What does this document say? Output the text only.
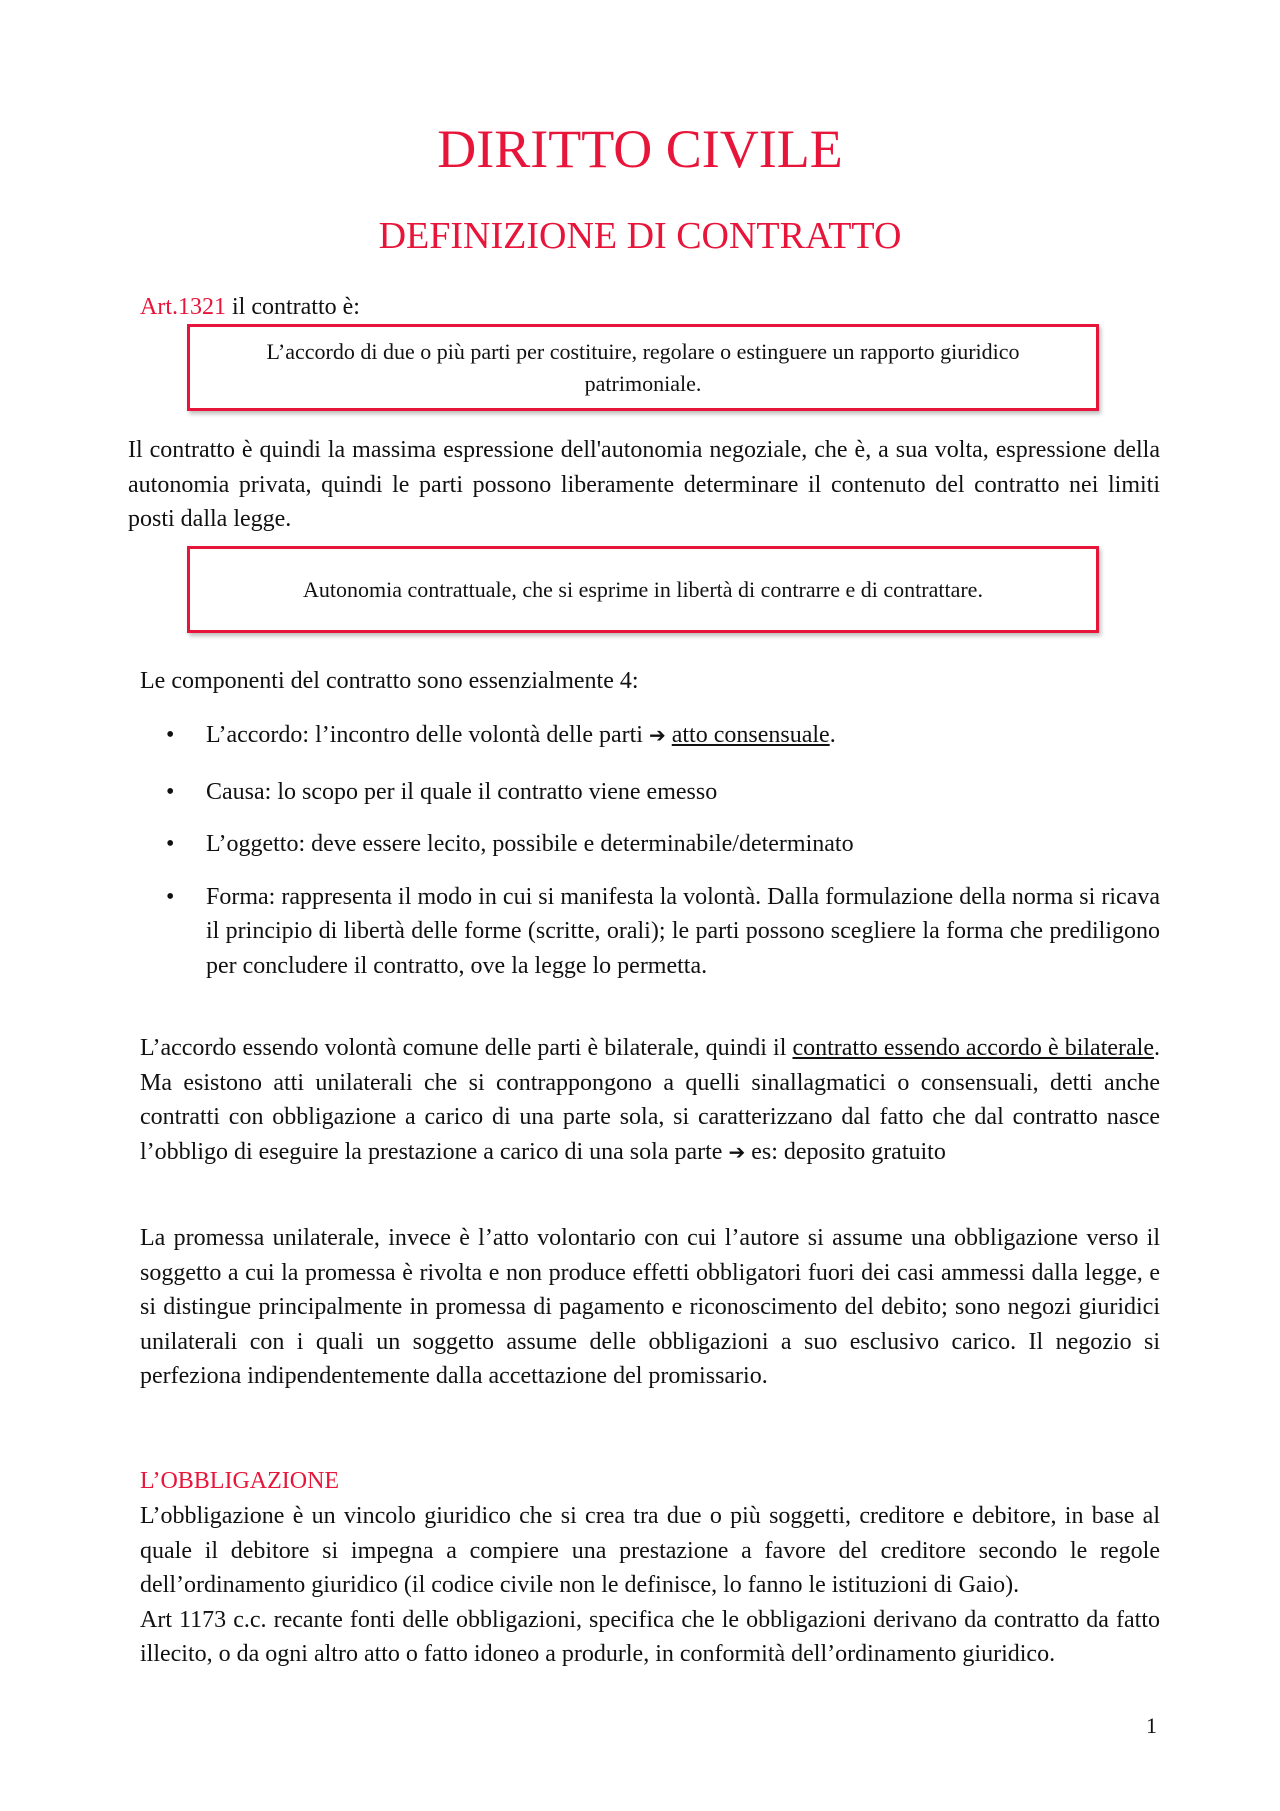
DIRITTO CIVILE
DEFINIZIONE DI CONTRATTO
Art.1321 il contratto è:
L’accordo di due o più parti per costituire, regolare o estinguere un rapporto giuridico patrimoniale.
Il contratto è quindi la massima espressione dell'autonomia negoziale, che è, a sua volta, espressione della autonomia privata, quindi le parti possono liberamente determinare il contenuto del contratto nei limiti posti dalla legge.
Autonomia contrattuale, che si esprime in libertà di contrarre e di contrattare.
Le componenti del contratto sono essenzialmente 4:
• L’accordo: l’incontro delle volontà delle parti ➔ atto consensuale.
• Causa: lo scopo per il quale il contratto viene emesso
• L’oggetto: deve essere lecito, possibile e determinabile/determinato
• Forma: rappresenta il modo in cui si manifesta la volontà. Dalla formulazione della norma si ricava il principio di libertà delle forme (scritte, orali); le parti possono scegliere la forma che prediligono per concludere il contratto, ove la legge lo permetta.
L’accordo essendo volontà comune delle parti è bilaterale, quindi il contratto essendo accordo è bilaterale. Ma esistono atti unilaterali che si contrappongono a quelli sinallagmatici o consensuali, detti anche contratti con obbligazione a carico di una parte sola, si caratterizzano dal fatto che dal contratto nasce l’obbligo di eseguire la prestazione a carico di una sola parte ➔ es: deposito gratuito
La promessa unilaterale, invece è l’atto volontario con cui l’autore si assume una obbligazione verso il soggetto a cui la promessa è rivolta e non produce effetti obbligatori fuori dei casi ammessi dalla legge, e si distingue principalmente in promessa di pagamento e riconoscimento del debito; sono negozi giuridici unilaterali con i quali un soggetto assume delle obbligazioni a suo esclusivo carico. Il negozio si perfeziona indipendentemente dalla accettazione del promissario.
L’OBBLIGAZIONE
L’obbligazione è un vincolo giuridico che si crea tra due o più soggetti, creditore e debitore, in base al quale il debitore si impegna a compiere una prestazione a favore del creditore secondo le regole dell’ordinamento giuridico (il codice civile non le definisce, lo fanno le istituzioni di Gaio).
Art 1173 c.c. recante fonti delle obbligazioni, specifica che le obbligazioni derivano da contratto da fatto illecito, o da ogni altro atto o fatto idoneo a produrle, in conformità dell’ordinamento giuridico.
1
